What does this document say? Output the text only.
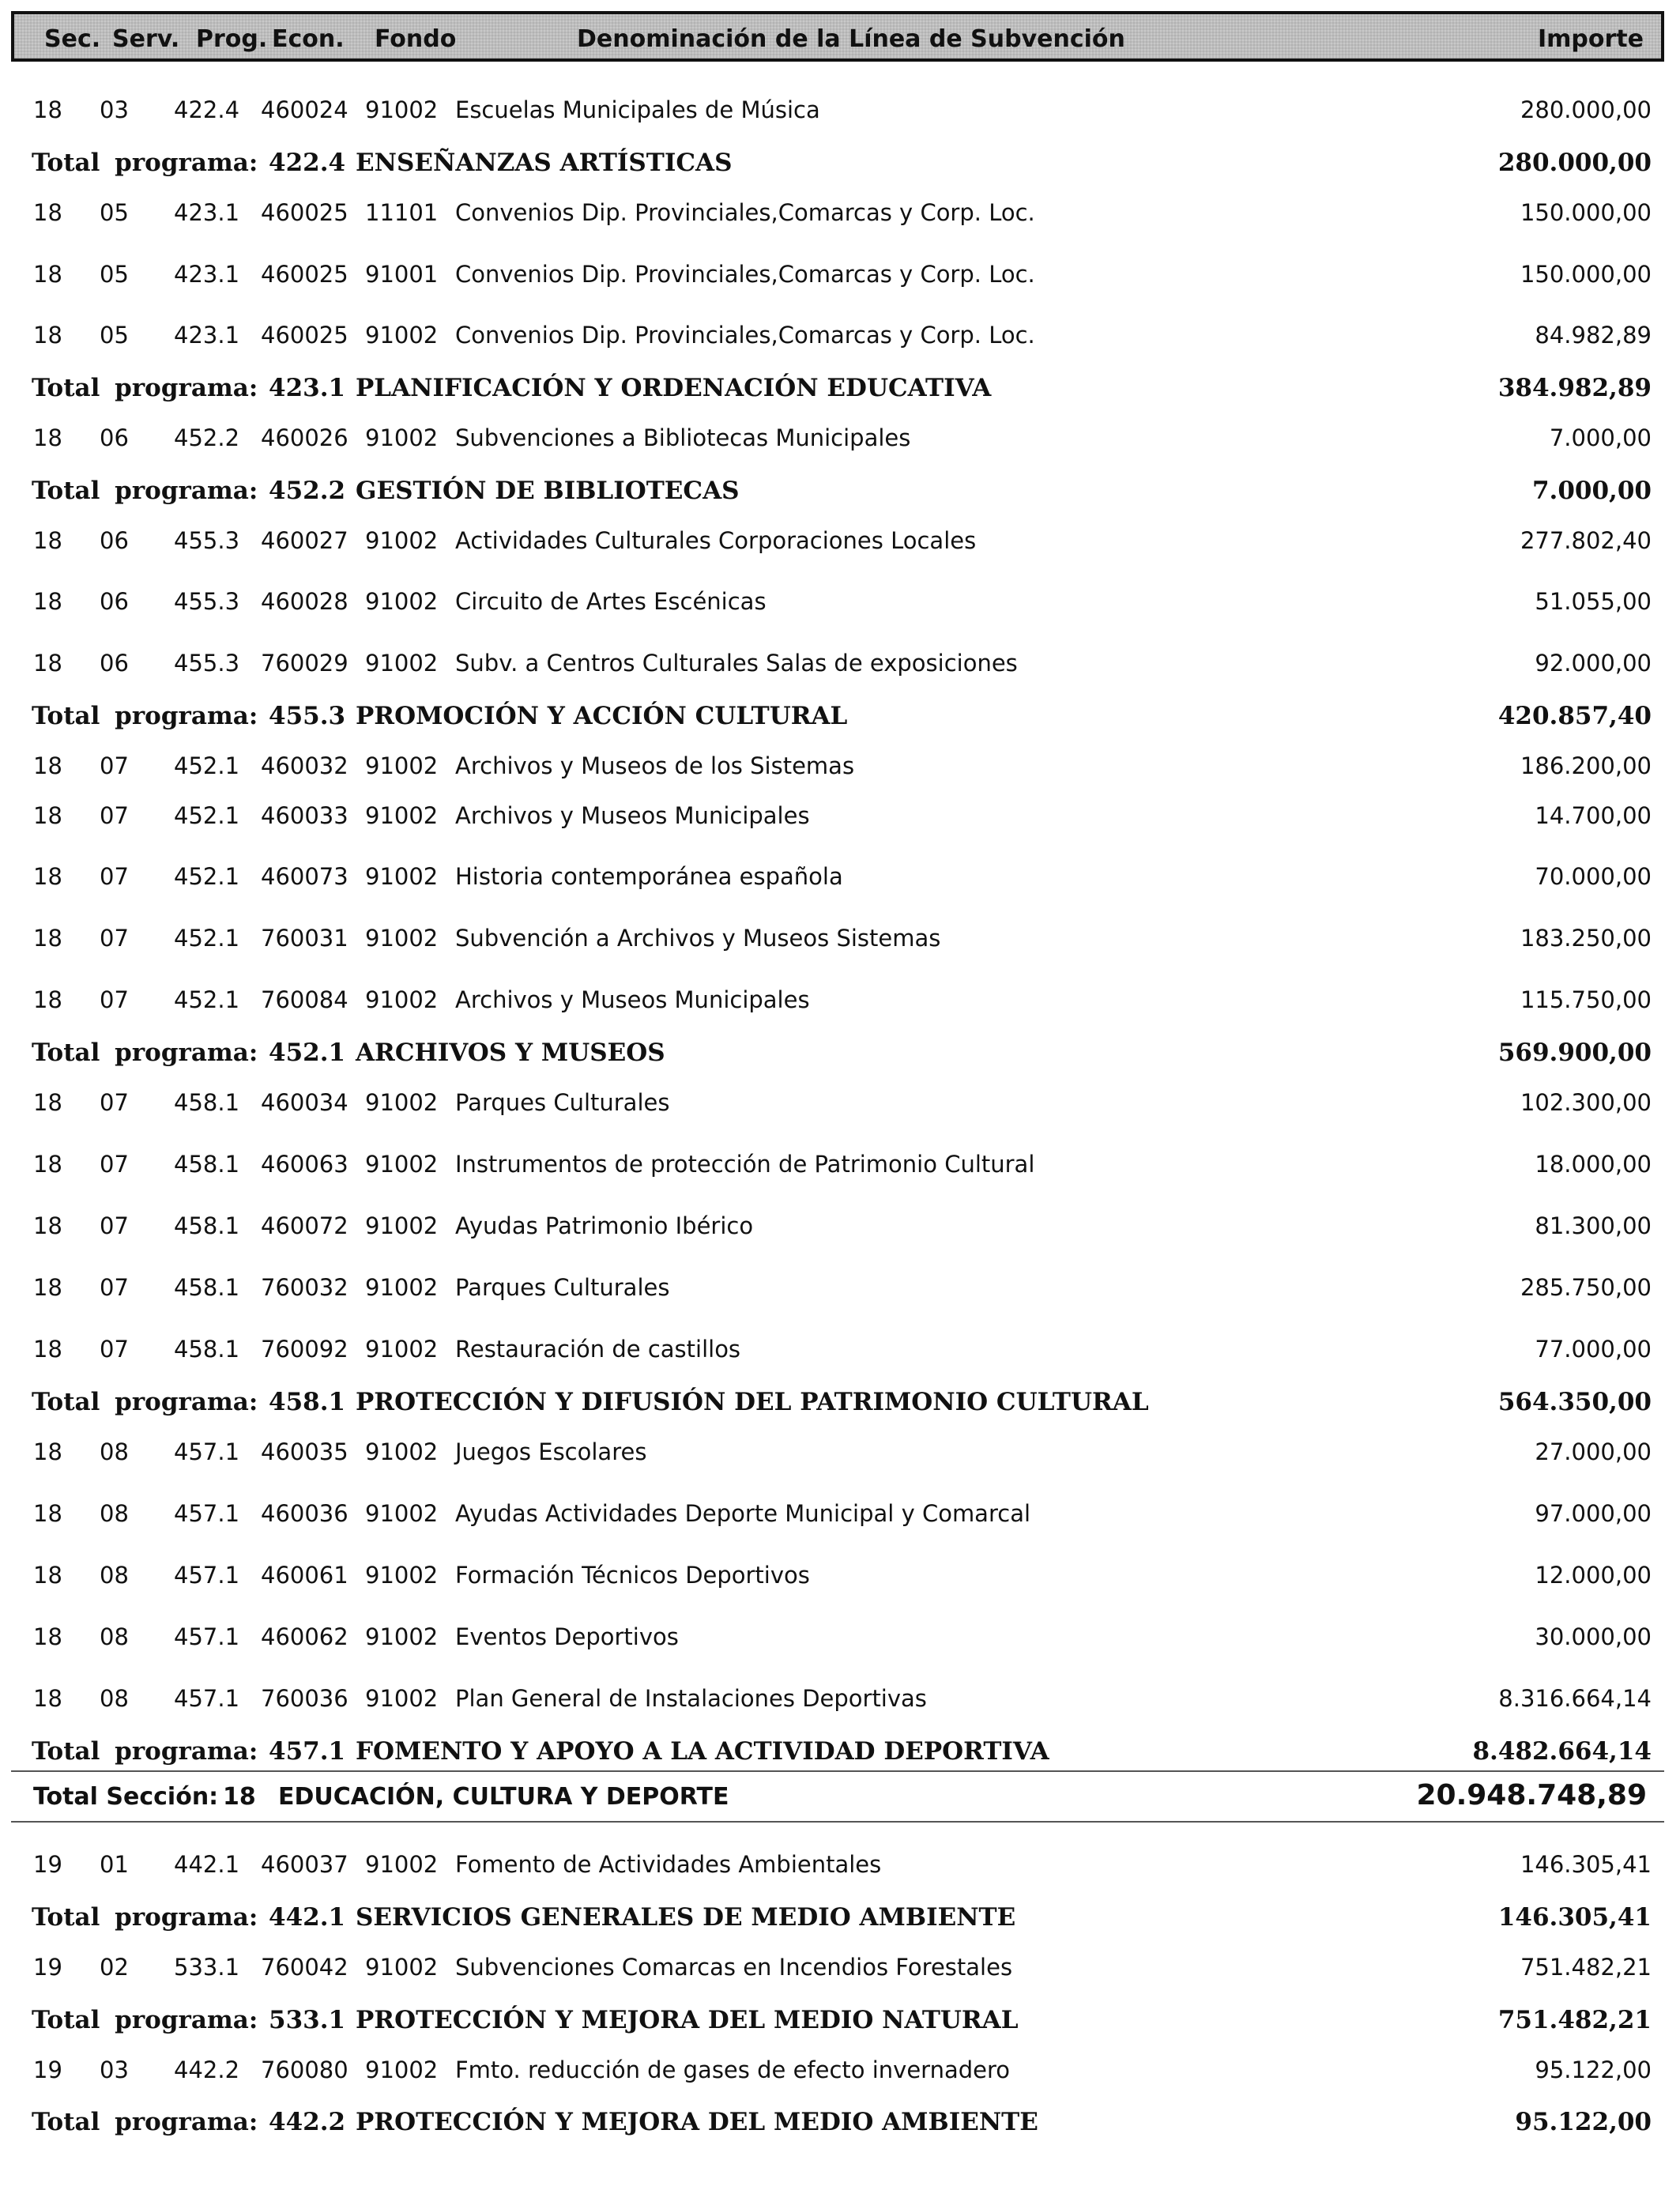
Sec. Serv. Prog. Econ. Fondo	Denominación de la Línea de Subvención	Importe
18 03 422.4 460024 91002 Escuelas Municipales de Música	280.000,00
Total programa: 422.4 ENSEÑANZAS ARTÍSTICAS	280.000,00
18 05 423.1 460025 11101 Convenios Dip. Provinciales,Comarcas y Corp. Loc.	150.000,00
18 05 423.1 460025 91001 Convenios Dip. Provinciales,Comarcas y Corp. Loc.	150.000,00
18 05 423.1 460025 91002 Convenios Dip. Provinciales,Comarcas y Corp. Loc.	84.982,89
Total programa: 423.1 PLANIFICACIÓN Y ORDENACIÓN EDUCATIVA	384.982,89
18 06 452.2 460026 91002 Subvenciones a Bibliotecas Municipales	7.000,00
Total programa: 452.2 GESTIÓN DE BIBLIOTECAS	7.000,00
18 06 455.3 460027 91002 Actividades Culturales Corporaciones Locales	277.802,40
18 06 455.3 460028 91002 Circuito de Artes Escénicas	51.055,00
18 06 455.3 760029 91002 Subv. a Centros Culturales Salas de exposiciones	92.000,00
Total programa: 455.3 PROMOCIÓN Y ACCIÓN CULTURAL	420.857,40
18 07 452.1 460032 91002 Archivos y Museos de los Sistemas	186.200,00
18 07 452.1 460033 91002 Archivos y Museos Municipales	14.700,00
18 07 452.1 460073 91002 Historia contemporánea española	70.000,00
18 07 452.1 760031 91002 Subvención a Archivos y Museos Sistemas	183.250,00
18 07 452.1 760084 91002 Archivos y Museos Municipales	115.750,00
Total programa: 452.1 ARCHIVOS Y MUSEOS	569.900,00
18 07 458.1 460034 91002 Parques Culturales	102.300,00
18 07 458.1 460063 91002 Instrumentos de protección de Patrimonio Cultural	18.000,00
18 07 458.1 460072 91002 Ayudas Patrimonio Ibérico	81.300,00
18 07 458.1 760032 91002 Parques Culturales	285.750,00
18 07 458.1 760092 91002 Restauración de castillos	77.000,00
Total programa: 458.1 PROTECCIÓN Y DIFUSIÓN DEL PATRIMONIO CULTURAL	564.350,00
18 08 457.1 460035 91002 Juegos Escolares	27.000,00
18 08 457.1 460036 91002 Ayudas Actividades Deporte Municipal y Comarcal	97.000,00
18 08 457.1 460061 91002 Formación Técnicos Deportivos	12.000,00
18 08 457.1 460062 91002 Eventos Deportivos	30.000,00
18 08 457.1 760036 91002 Plan General de Instalaciones Deportivas	8.316.664,14
Total programa: 457.1 FOMENTO Y APOYO A LA ACTIVIDAD DEPORTIVA	8.482.664,14
Total Sección: 18 EDUCACIÓN, CULTURA Y DEPORTE	20.948.748,89
19 01 442.1 460037 91002 Fomento de Actividades Ambientales	146.305,41
Total programa: 442.1 SERVICIOS GENERALES DE MEDIO AMBIENTE	146.305,41
19 02 533.1 760042 91002 Subvenciones Comarcas en Incendios Forestales	751.482,21
Total programa: 533.1 PROTECCIÓN Y MEJORA DEL MEDIO NATURAL	751.482,21
19 03 442.2 760080 91002 Fmto. reducción de gases de efecto invernadero	95.122,00
Total programa: 442.2 PROTECCIÓN Y MEJORA DEL MEDIO AMBIENTE	95.122,00
